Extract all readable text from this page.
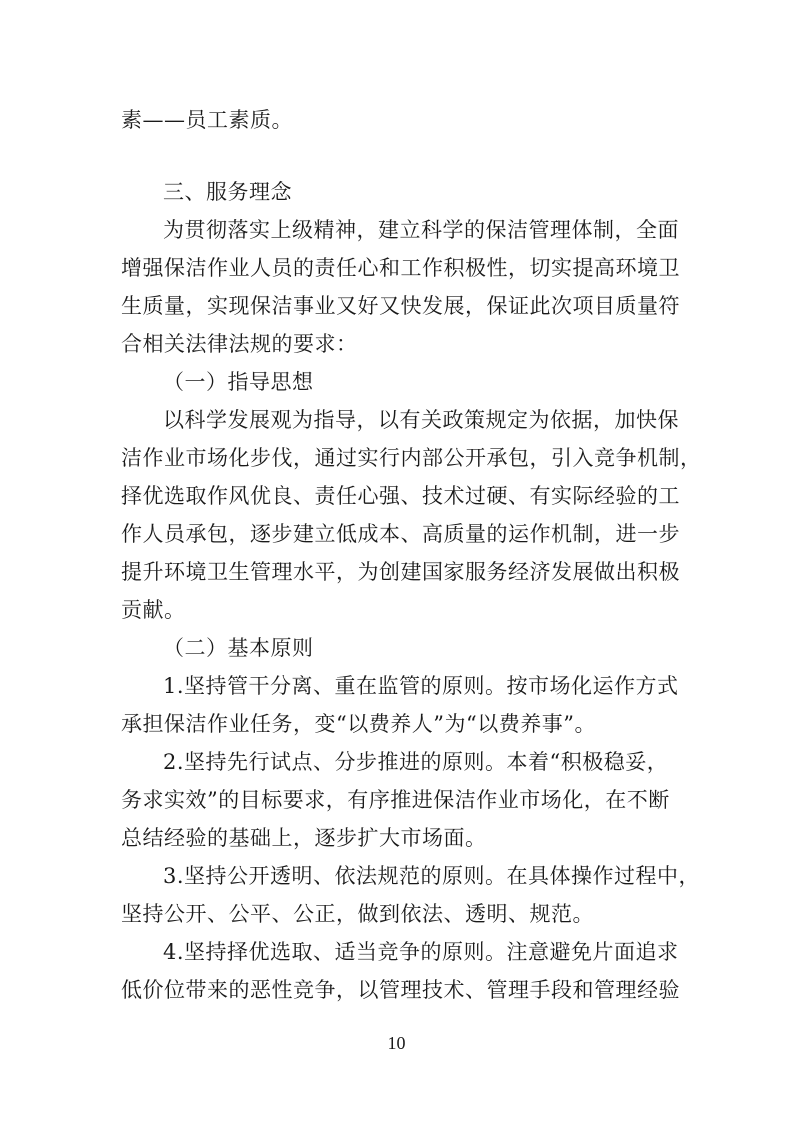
素——员工素质。
三、服务理念
为贯彻落实上级精神，建立科学的保洁管理体制，全面
增强保洁作业人员的责任心和工作积极性，切实提高环境卫
生质量，实现保洁事业又好又快发展，保证此次项目质量符
合相关法律法规的要求：
（一）指导思想
以科学发展观为指导，以有关政策规定为依据，加快保
洁作业市场化步伐，通过实行内部公开承包，引入竞争机制，
择优选取作风优良、责任心强、技术过硬、有实际经验的工
作人员承包，逐步建立低成本、高质量的运作机制，进一步
提升环境卫生管理水平，为创建国家服务经济发展做出积极
贡献。
（二）基本原则
1.坚持管干分离、重在监管的原则。按市场化运作方式
承担保洁作业任务，变“以费养人”为“以费养事”。
2.坚持先行试点、分步推进的原则。本着“积极稳妥，
务求实效”的目标要求，有序推进保洁作业市场化，在不断
总结经验的基础上，逐步扩大市场面。
3.坚持公开透明、依法规范的原则。在具体操作过程中，
坚持公开、公平、公正，做到依法、透明、规范。
4.坚持择优选取、适当竞争的原则。注意避免片面追求
低价位带来的恶性竞争，以管理技术、管理手段和管理经验
10
